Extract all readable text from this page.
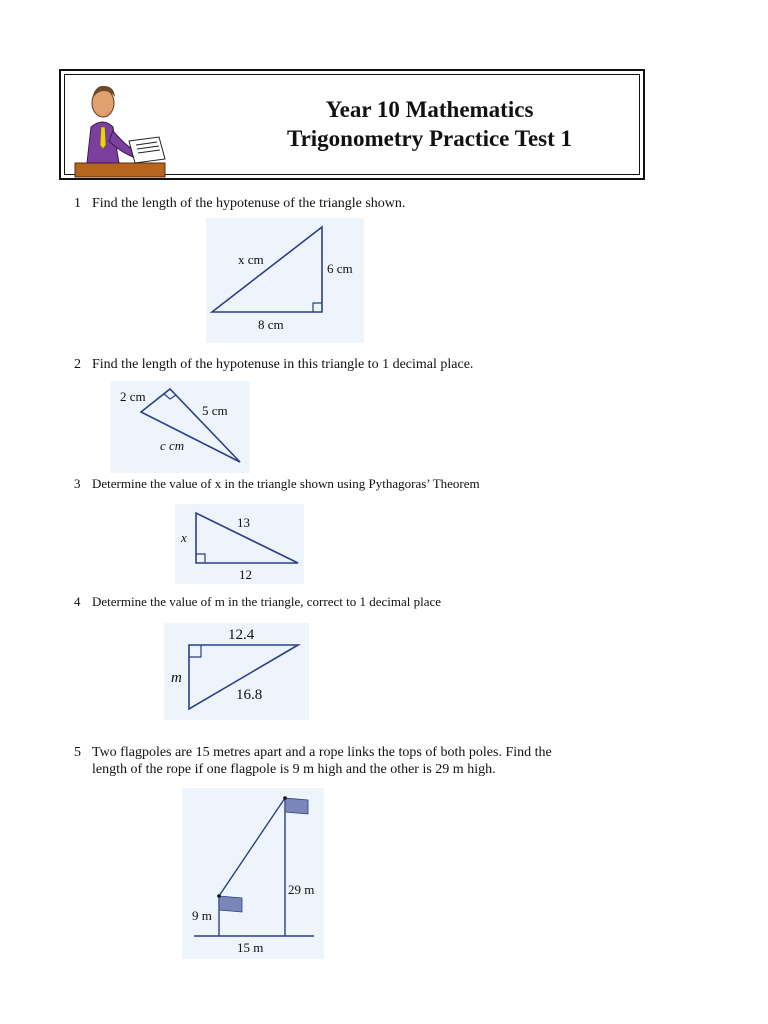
Year 10 Mathematics
Trigonometry Practice Test 1
1 Find the length of the hypotenuse of the triangle shown.
x cm
6 cm
8 cm
2 Find the length of the hypotenuse in this triangle to 1 decimal place.
2 cm
5 cm
c cm
3 Determine the value of x in the triangle shown using Pythagoras’ Theorem
x
13
12
4 Determine the value of m in the triangle, correct to 1 decimal place
12.4
m
16.8
5 Two flagpoles are 15 metres apart and a rope links the tops of both poles. Find the
length of the rope if one flagpole is 9 m high and the other is 29 m high.
9 m
29 m
15 m
